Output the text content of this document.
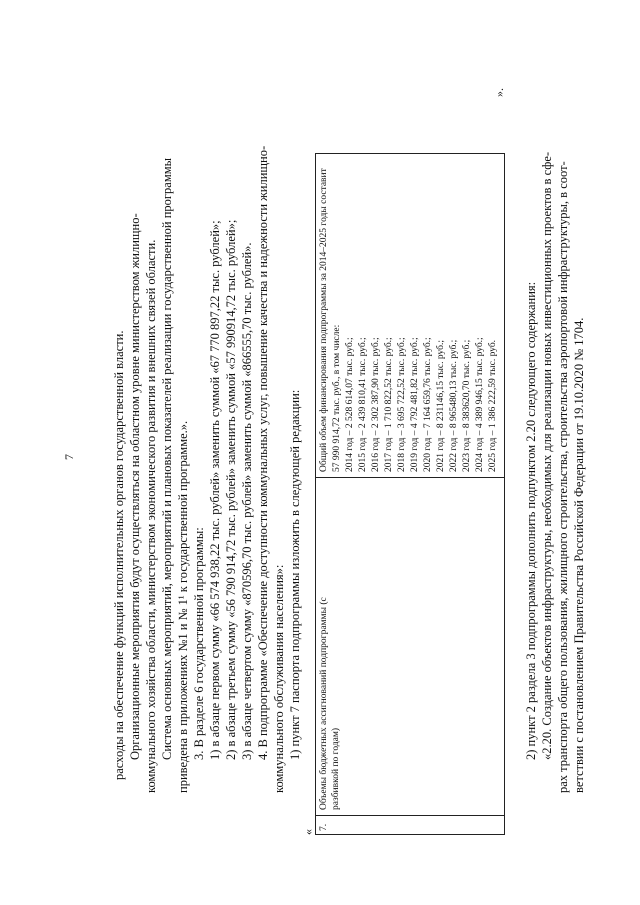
7	расходы на обеспечение функций исполнительных органов государственной власти. Организационные мероприятия будут осуществляться на областном уровне министерством жилищно- коммунального хозяйства области, министерством экономического развития и внешних связей области. Система основных мероприятий, мероприятий и плановых показателей реализации государственной программы приведена в приложениях №1 и № 1¹ к государственной программе.». 3. В разделе 6 государственной программы: 1) в абзаце первом сумму «66 574 938,22 тыс. рублей» заменить суммой «67 770 897,22 тыс. рублей»; 2) в абзаце третьем сумму «56 790 914,72 тыс. рублей» заменить суммой «57 990914,72 тыс. рублей»; 3) в абзаце четвертом сумму «870596,70 тыс. рублей» заменить суммой «866555,70 тыс. рублей». 4. В подпрограмме «Обеспечение доступности коммунальных услуг, повышение качества и надежности жилищно- коммунального обслуживания населения»: 1) пункт 7 паспорта подпрограммы изложить в следующей редакции:
«
7.
Объемы бюджетных ассигнований подпрограммы (с разбивкой по годам)
Общий объем финансирования подпрограммы за 2014–2025 годы составит 57 990 914,72 тыс. руб., в том числе: 2014 год – 2 528 614,07 тыс. руб.; 2015 год – 2 439 810,41 тыс. руб.; 2016 год – 2 302 387,90 тыс. руб.; 2017 год – 1 710 822,52 тыс. руб.; 2018 год – 3 695 722,52 тыс. руб.; 2019 год – 4 792 481,82 тыс. руб.; 2020 год – 7 164 659,76 тыс. руб.; 2021 год – 8 231146,15 тыс. руб.; 2022 год – 8 965480,13 тыс. руб.; 2023 год – 8 383620,70 тыс. руб.; 2024 год – 4 389 946,15 тыс. руб.; 2025 год – 1 386 222,59 тыс. руб.
».
2) пункт 2 раздела 3 подпрограммы дополнить подпунктом 2.20 следующего содержания: «2.20. Создание объектов инфраструктуры, необходимых для реализации новых инвестиционных проектов в сфе- рах транспорта общего пользования, жилищного строительства, строительства аэропортовой инфраструктуры, в соот- ветствии с постановлением Правительства Российской Федерации от 19.10.2020 № 1704.
